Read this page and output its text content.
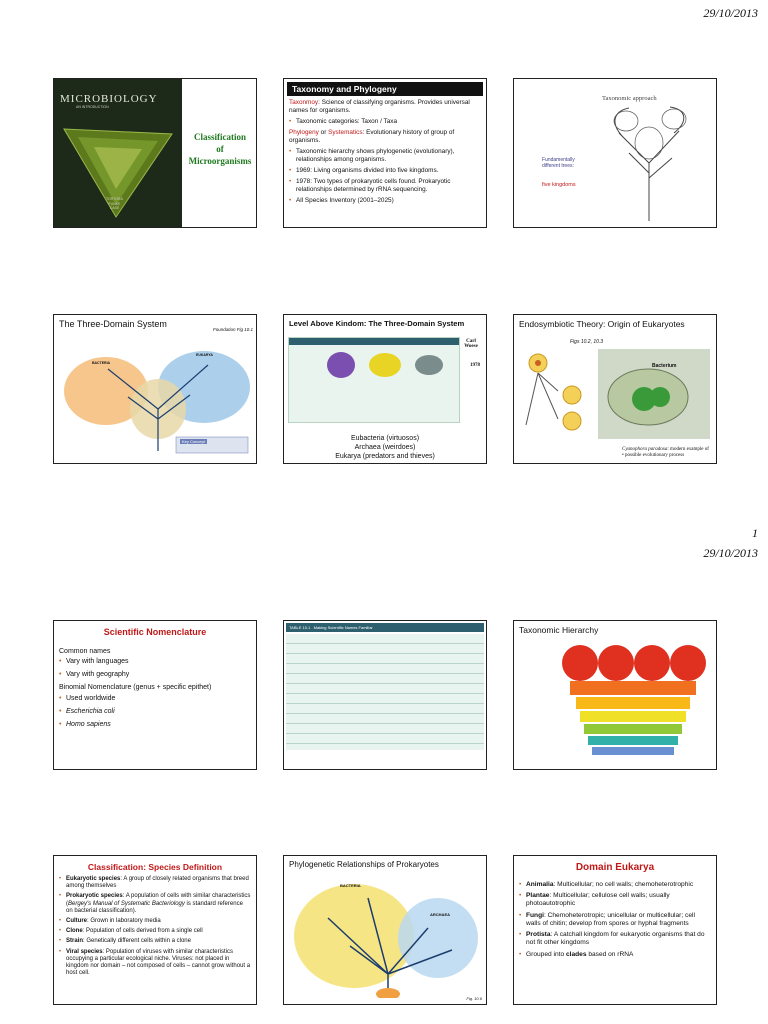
29/10/2013
MICROBIOLOGY
AN INTRODUCTION
TORTORA
FUNKE
CASE
Classification
of
Microorganisms
Taxonomy and Phylogeny

Taxonmoy: Science of classifying organisms. Provides universal names for organisms.

• Taxonomic categories: Taxon / Taxa

Phylogeny or Systematics: Evolutionary history of group of organisms.

• Taxonomic hierarchy shows phylogenetic (evolutionary), relationships among organisms.
• 1969: Living organisms divided into five kingdoms.
• 1978: Two types of prokaryotic cells found. Prokaryotic relationships determined by rRNA sequencing.
• All Species Inventory (2001–2025)
Taxonomic approach
Fundamentally different trees:
five kingdoms
The Three-Domain System
Foundation Fig 10.1
BACTERIA
EUKARYA
Key Concept
Level Above Kindom: The Three-Domain System
Carl Woese
1978
Eubacteria (virtuosos)
Archaea (weirdoes)
Eukarya (predators and thieves)
Endosymbiotic Theory: Origin of Eukaryotes
Figs 10.2, 10.3
Bacterium
Cyanophora paradoxa: modern example of
• possible evolutionary process
1
29/10/2013
Scientific Nomenclature
Common names
• Vary with languages
• Vary with geography
Binomial Nomenclature (genus + specific epithet)
• Used worldwide
• Escherichia coli
• Homo sapiens
TABLE 10.1 Making Scientific Names Familiar	Taxonomic Hierarchy
Classification: Species Definition
• Eukaryotic species: A group of closely related organisms that breed among themselves
• Prokaryotic species: A population of cells with similar characteristics (Bergey's Manual of Systematic Bacteriology is standard reference on bacterial classification).
• Culture: Grown in laboratory media
• Clone: Population of cells derived from a single cell
• Strain: Genetically different cells within a clone
• Viral species: Population of viruses with similar characteristics occupying a particular ecological niche. Viruses: not placed in kingdom nor domain – not composed of cells – cannot grow without a host cell.
Phylogenetic Relationships of Prokaryotes
BACTERIA
ARCHAEA
Fig. 10.6
Domain Eukarya
• Animalia: Multicellular; no cell walls; chemoheterotrophic
• Plantae: Multicellular; cellulose cell walls; usually photoautotrophic
• Fungi: Chemoheterotropic; unicellular or multicellular; cell walls of chitin; develop from spores or hyphal fragments
• Protista: A catchall kingdom for eukaryotic organisms that do not fit other kingdoms
• Grouped into clades based on rRNA
